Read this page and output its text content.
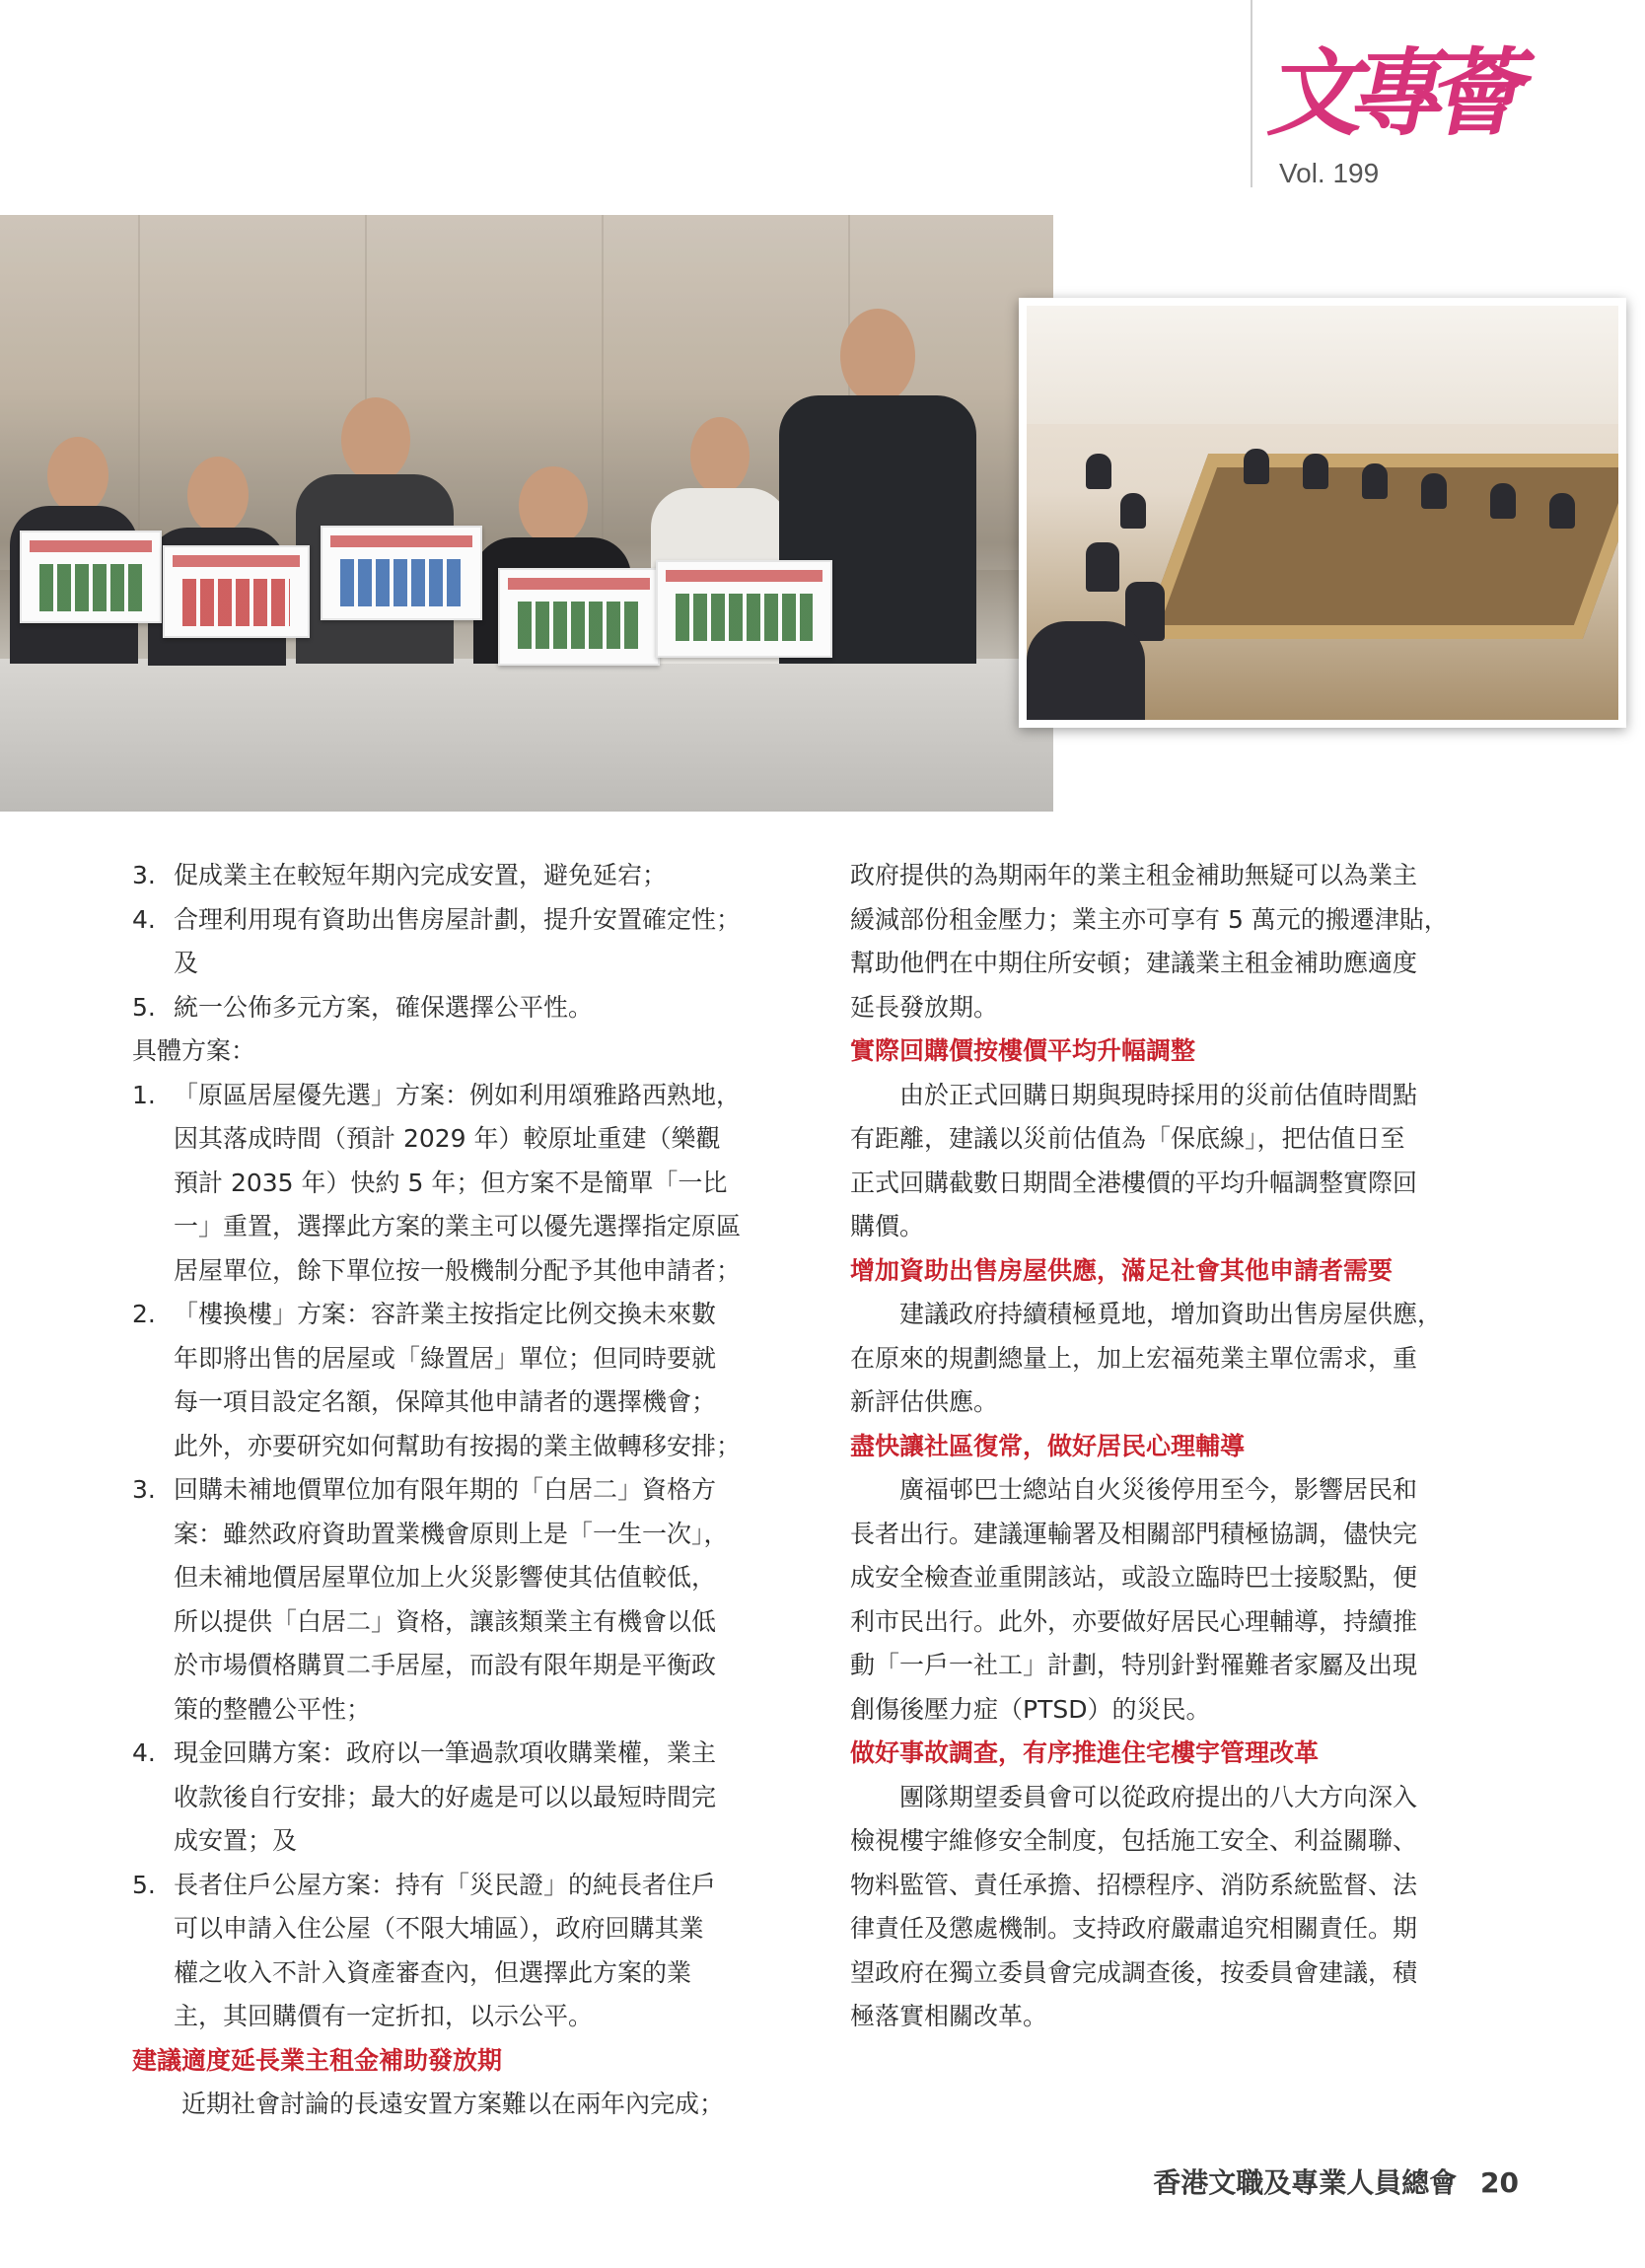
文專薈
Vol. 199
3. 促成業主在較短年期內完成安置，避免延宕；

4. 合理利用現有資助出售房屋計劃，提升安置確定性；

及

5. 統一公佈多元方案，確保選擇公平性。

具體方案：

1. 「原區居屋優先選」方案：例如利用頌雅路西熟地，

因其落成時間（預計 2029 年）較原址重建（樂觀

預計 2035 年）快約 5 年；但方案不是簡單「一比

一」重置，選擇此方案的業主可以優先選擇指定原區

居屋單位，餘下單位按一般機制分配予其他申請者；

2. 「樓換樓」方案：容許業主按指定比例交換未來數

年即將出售的居屋或「綠置居」單位；但同時要就

每一項目設定名額，保障其他申請者的選擇機會；

此外，亦要研究如何幫助有按揭的業主做轉移安排；

3. 回購未補地價單位加有限年期的「白居二」資格方

案：雖然政府資助置業機會原則上是「一生一次」，

但未補地價居屋單位加上火災影響使其估值較低，

所以提供「白居二」資格，讓該類業主有機會以低

於市場價格購買二手居屋，而設有限年期是平衡政

策的整體公平性；

4. 現金回購方案：政府以一筆過款項收購業權，業主

收款後自行安排；最大的好處是可以以最短時間完

成安置；及

5. 長者住戶公屋方案：持有「災民證」的純長者住戶

可以申請入住公屋（不限大埔區），政府回購其業

權之收入不計入資產審查內，但選擇此方案的業

主，其回購價有一定折扣，以示公平。

建議適度延長業主租金補助發放期

近期社會討論的長遠安置方案難以在兩年內完成；

政府提供的為期兩年的業主租金補助無疑可以為業主

緩減部份租金壓力；業主亦可享有 5 萬元的搬遷津貼，

幫助他們在中期住所安頓；建議業主租金補助應適度

延長發放期。

實際回購價按樓價平均升幅調整

由於正式回購日期與現時採用的災前估值時間點

有距離，建議以災前估值為「保底線」，把估值日至

正式回購截數日期間全港樓價的平均升幅調整實際回

購價。

增加資助出售房屋供應，滿足社會其他申請者需要

建議政府持續積極覓地，增加資助出售房屋供應，

在原來的規劃總量上，加上宏福苑業主單位需求，重

新評估供應。

盡快讓社區復常，做好居民心理輔導

廣福邨巴士總站自火災後停用至今，影響居民和

長者出行。建議運輸署及相關部門積極協調，儘快完

成安全檢查並重開該站，或設立臨時巴士接駁點，便

利市民出行。此外，亦要做好居民心理輔導，持續推

動「一戶一社工」計劃，特別針對罹難者家屬及出現

創傷後壓力症（PTSD）的災民。

做好事故調查，有序推進住宅樓宇管理改革

團隊期望委員會可以從政府提出的八大方向深入

檢視樓宇維修安全制度，包括施工安全、利益關聯、

物料監管、責任承擔、招標程序、消防系統監督、法

律責任及懲處機制。支持政府嚴肅追究相關責任。期

望政府在獨立委員會完成調查後，按委員會建議，積

極落實相關改革。

香港文職及專業人員總會 20
